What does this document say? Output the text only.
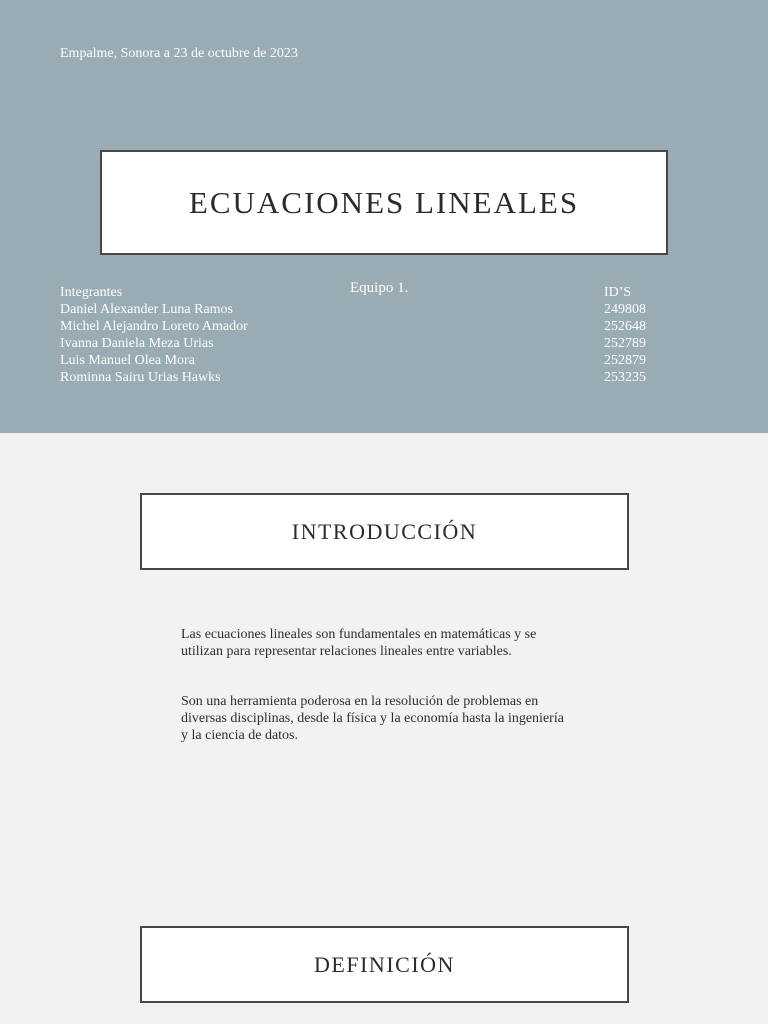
Empalme, Sonora a 23 de octubre de 2023
ECUACIONES LINEALES
Integrantes
Daniel Alexander Luna Ramos
Michel Alejandro Loreto Amador
Ivanna Daniela Meza Urias
Luis Manuel Olea Mora
Rominna Sairu Urias Hawks
Equipo 1.	ID’S
249808
252648
252789
252879
253235
INTRODUCCIÓN
Las ecuaciones lineales son fundamentales en matemáticas y se utilizan para representar relaciones lineales entre variables.
Son una herramienta poderosa en la resolución de problemas en diversas disciplinas, desde la física y la economía hasta la ingeniería y la ciencia de datos.
DEFINICIÓN
